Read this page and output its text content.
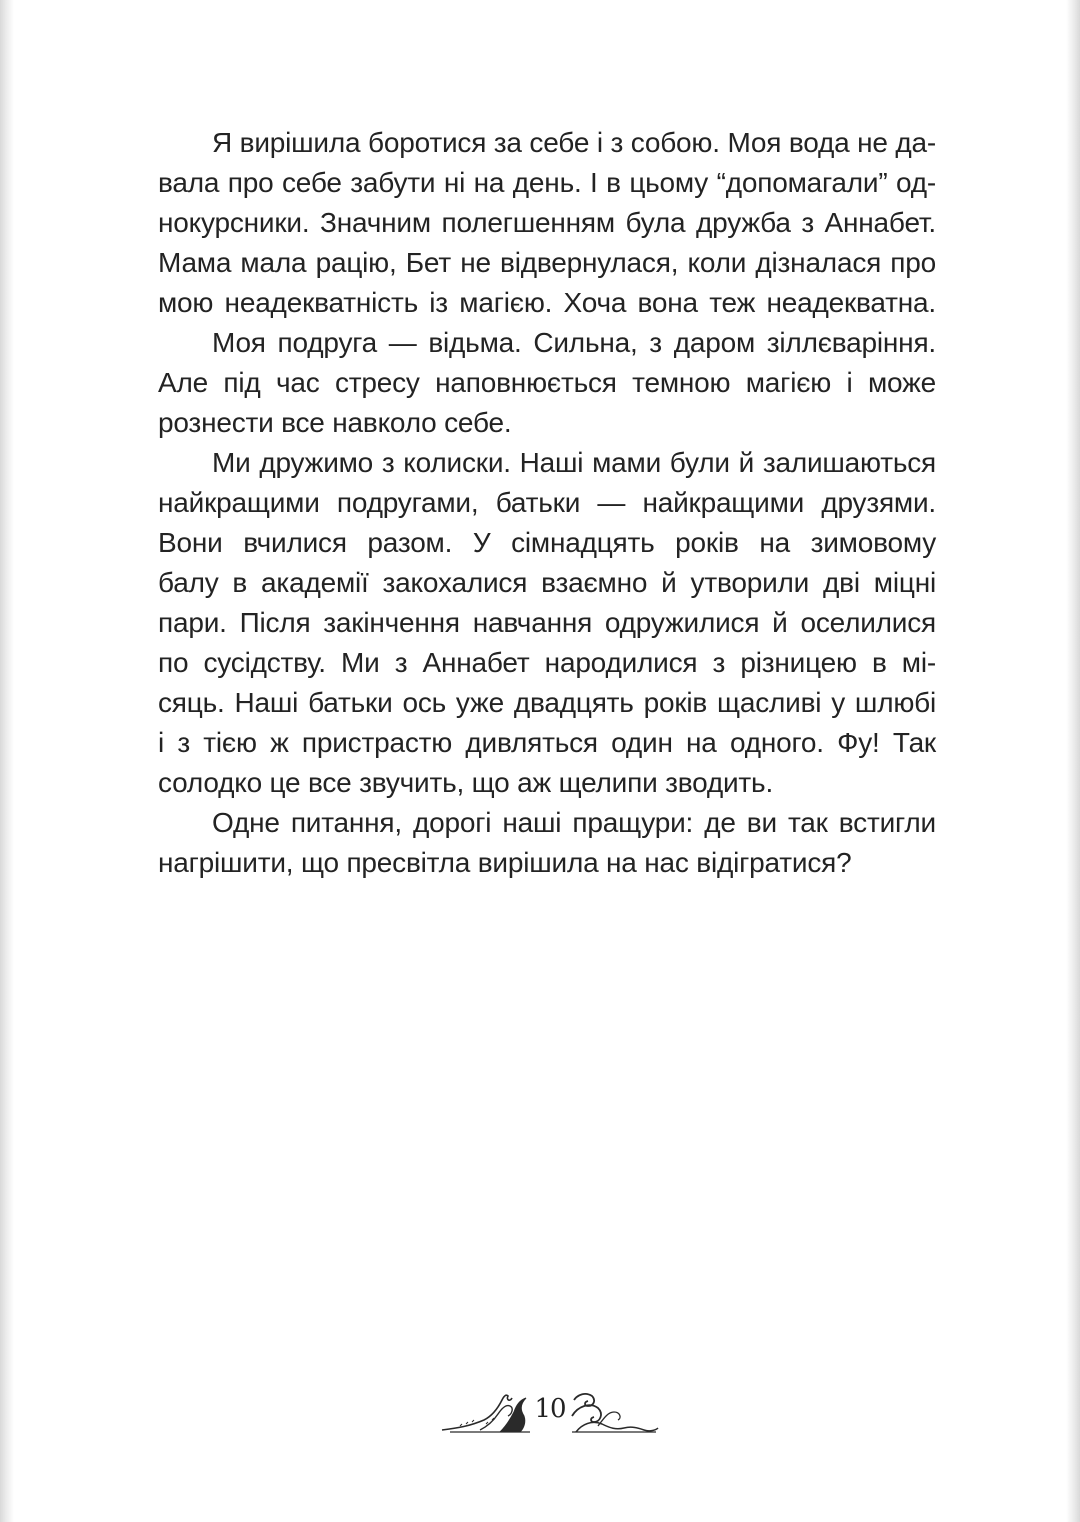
Я вирішила боротися за себе і з собою. Моя вода не да-
вала про себе забути ні на день. І в цьому “допомагали” од-
нокурсники. Значним полегшенням була дружба з Аннабет.
Мама мала рацію, Бет не відвернулася, коли дізналася про
мою неадекватність із магією. Хоча вона теж неадекватна.
Моя подруга — відьма. Сильна, з даром зіллєваріння.
Але під час стресу наповнюється темною магією і може
рознести все навколо себе.
Ми дружимо з колиски. Наші мами були й залишаються
найкращими подругами, батьки — найкращими друзями.
Вони вчилися разом. У сімнадцять років на зимовому
балу в академії закохалися взаємно й утворили дві міцні
пари. Після закінчення навчання одружилися й оселилися
по сусідству. Ми з Аннабет народилися з різницею в мі-
сяць. Наші батьки ось уже двадцять років щасливі у шлюбі
і з тією ж пристрастю дивляться один на одного. Фу! Так
солодко це все звучить, що аж щелипи зводить.
Одне питання, дорогі наші пращури: де ви так встигли
нагрішити, що пресвітла вирішила на нас відігратися?
10
